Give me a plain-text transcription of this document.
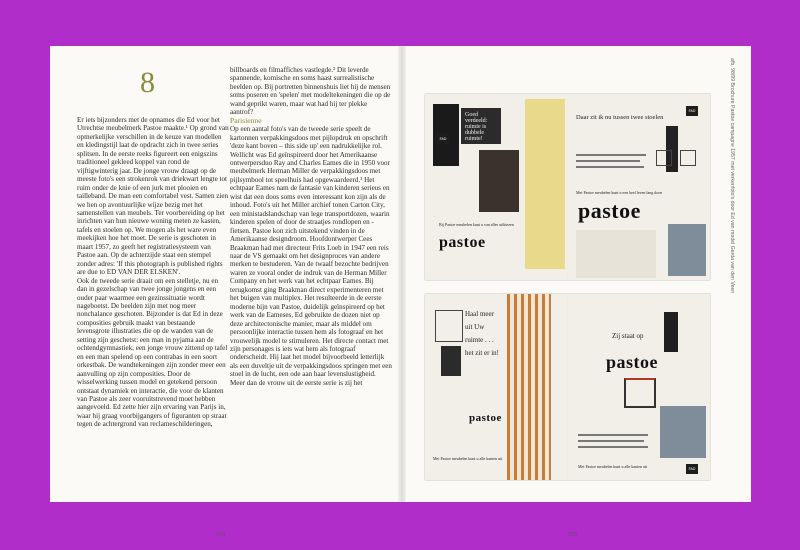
8

Er iets bijzonders met de opnames die Ed voor het Utrechtse meubelmerk Pastoe maakte.¹ Op grond van opmerkelijke verschillen in de keuze van modellen en kledingstijl laat de opdracht zich in twee series splitsen. In de eerste reeks figureert een enigszins traditioneel gekleed koppel van rond de vijftigwinterig jaar. De jonge vrouw draagt op de meeste foto's een strokenrok van driekwart lengte tot ruim onder de knie of een jurk met plooien en tailleband. De man een comfortabel vest. Samen zien we hen op avontuurlijke wijze bezig met het samenstellen van meubels. Ter voorbereiding op het inrichten van hun nieuwe woning meten ze kasten, tafels en stoelen op. We mogen als het ware even meekijken hoe het moet. De serie is geschoten in maart 1957, zo geeft het registratiesysteem van Pastoe aan. Op de achterzijde staat een stempel zonder adres: 'If this photograph is published rights are due to ED VAN DER ELSKEN'.

Ook de tweede serie draait om een stelletje, nu en dan in gezelschap van twee jonge jongens en een ouder paar waarmee een gezinssituatie wordt nageboetst. De beelden zijn met nog meer nonchalance geschoten. Bijzonder is dat Ed in deze composities gebruik maakt van bestaande levensgrote illustraties die op de wanden van de setting zijn geschetst: een man in pyjama aan de ochtendgymnastiek, een jonge vrouw zittend op tafel en een man spelend op een contrabas in een soort orkestbak. De wandtekeningen zijn zonder meer een aanvulling op zijn composities. Door de wisselwerking tussen model en getekend persoon ontstaat dynamiek en interactie, die voor de klanten van Pastoe als zeer vooruitstrevend moet hebben aangevoeld. Ed zette hier zijn ervaring van Parijs in, waar hij graag voorbijgangers of figuranten op straat tegen de achtergrond van reclameschilderingen,

billboards en filmaffiches vastlegde.² Dit leverde spannende, komische en soms haast surrealistische beelden op. Bij portretten binnenshuis liet hij de mensen soms poseren en 'spelen' met modeltekeningen die op de wand geprikt waren, maar wat had hij ter plekke aantrof?

Parisienne

Op een aantal foto's van de tweede serie speelt de kartonnen verpakkingsdoos met pijlopdruk en opschrift 'deze kant boven – this side up' een nadrukkelijke rol. Wellicht was Ed geïnspireerd door het Amerikaanse ontwerpersduo Ray and Charles Eames die in 1950 voor meubelmerk Herman Miller de verpakkingsdoos met pijlsymbool tot speelhuis had opgewaardeerd.³ Het echtpaar Eames nam de fantasie van kinderen serieus en wist dat een doos soms even interessant kon zijn als de inhoud. Foto's uit het Miller archief tonen Carton City, een ministadslandschap van lege transportdozen, waarin kinderen spelen of door de straatjes rondlopen en -fietsen. Pastoe kon zich uitstekend vinden in de Amerikaanse designdroom. Hoofdontwerper Cees Braakman had met directeur Frits Loeb in 1947 een reis naar de VS gemaakt om het designproces van andere merken te bestuderen. Van de twaalf bezochte bedrijven waren ze vooral onder de indruk van de Herman Miller Company en het werk van het echtpaar Eames. Bij terugkomst ging Braakman direct experimenteren met het buigen van multiplex. Het resulteerde in de eerste moderne bijn van Pastoe, duidelijk geïnspireerd op het werk van de Eameses, Ed gebruikte de dozen niet op deze architectonische manier, maar als middel om persoonlijke interactie tussen hem als fotograaf en het vrouwelijk model te stimuleren. Het directe contact met zijn personages is iets wat hem als fotograaf onderscheidt. Hij laat het model bijvoorbeeld letterlijk als een duveltje uit de verpakkingsdoos springen met een stoel in de lucht, een ode aan haar levenslustigheid. Meer dan de vrouw uit de eerste serie is zij het

154	155
afb. 98/99 Brochure Pastoe campagne 1957 met verkenfoto's door Ed van model Gerda van den Veen
Goed verdeeld: ruimte is dubbele ruimte!
FAD
pastoe
Bij Pastoe meubelen kunt u van alles uitkiezen
Daar zit ik nu tussen twee stoelen
FAD
Met Pastoe meubelen kunt u een heel leven lang doen
pastoe
Haal meer uit Uw ruimte . . . het zit er in!
pastoe
Met Pastoe meubelen kunt u alle kanten uit
Zij staat op
pastoe
Met Pastoe meubelen kunt u alle kanten uit	FAD
